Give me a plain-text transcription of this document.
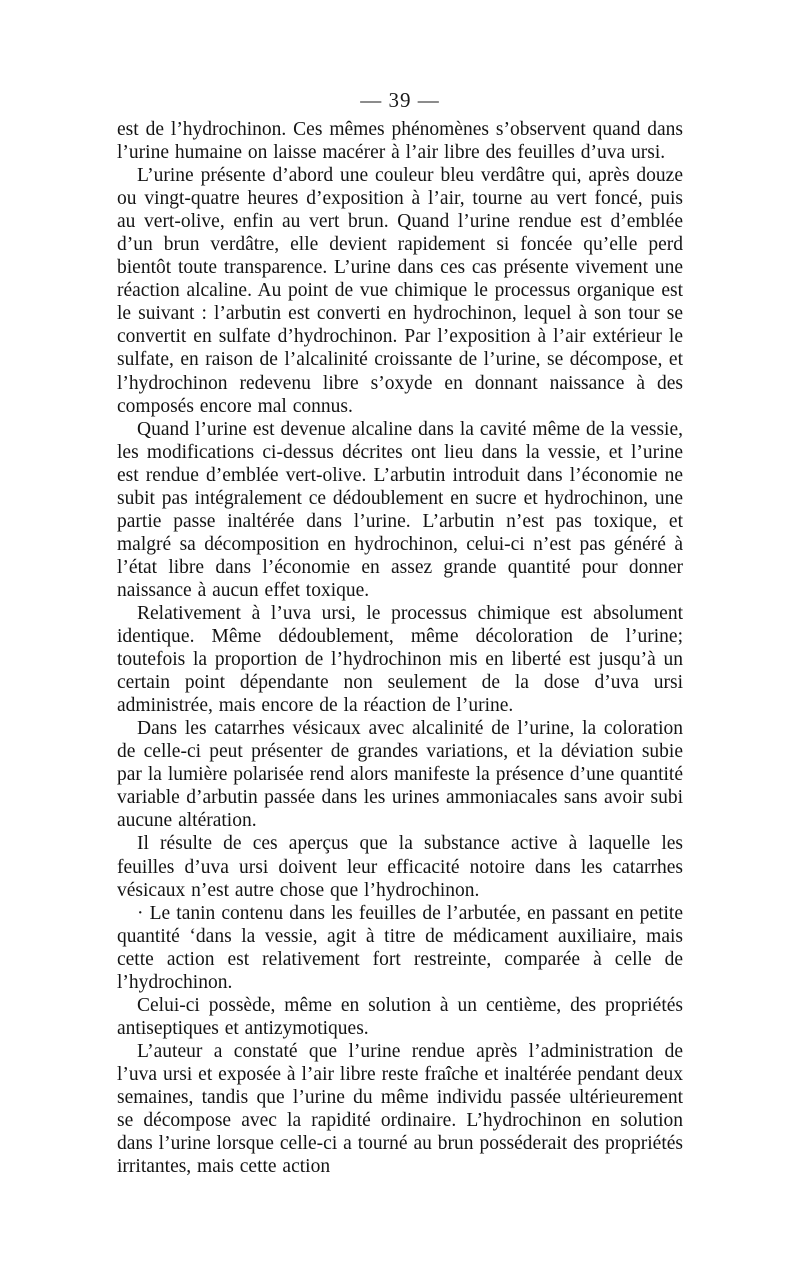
— 39 —

est de l’hydrochinon. Ces mêmes phénomènes s’observent quand dans l’urine humaine on laisse macérer à l’air libre des feuilles d’uva ursi.

L’urine présente d’abord une couleur bleu verdâtre qui, après douze ou vingt-quatre heures d’exposition à l’air, tourne au vert foncé, puis au vert-olive, enfin au vert brun. Quand l’urine rendue est d’emblée d’un brun verdâtre, elle devient rapidement si foncée qu’elle perd bientôt toute transparence. L’urine dans ces cas présente vivement une réaction alcaline. Au point de vue chimique le processus organique est le suivant : l’arbutin est converti en hydrochinon, lequel à son tour se convertit en sulfate d’hydrochinon. Par l’exposition à l’air extérieur le sulfate, en raison de l’alcalinité croissante de l’urine, se décompose, et l’hydrochinon redevenu libre s’oxyde en donnant naissance à des composés encore mal connus.

Quand l’urine est devenue alcaline dans la cavité même de la vessie, les modifications ci-dessus décrites ont lieu dans la vessie, et l’urine est rendue d’emblée vert-olive. L’arbutin introduit dans l’économie ne subit pas intégralement ce dédoublement en sucre et hydrochinon, une partie passe inaltérée dans l’urine. L’arbutin n’est pas toxique, et malgré sa décomposition en hydrochinon, celui-ci n’est pas généré à l’état libre dans l’économie en assez grande quantité pour donner naissance à aucun effet toxique.

Relativement à l’uva ursi, le processus chimique est absolument identique. Même dédoublement, même décoloration de l’urine; toutefois la proportion de l’hydrochinon mis en liberté est jusqu’à un certain point dépendante non seulement de la dose d’uva ursi administrée, mais encore de la réaction de l’urine.

Dans les catarrhes vésicaux avec alcalinité de l’urine, la coloration de celle-ci peut présenter de grandes variations, et la déviation subie par la lumière polarisée rend alors manifeste la présence d’une quantité variable d’arbutin passée dans les urines ammoniacales sans avoir subi aucune altération.

Il résulte de ces aperçus que la substance active à laquelle les feuilles d’uva ursi doivent leur efficacité notoire dans les catarrhes vésicaux n’est autre chose que l’hydrochinon.

· Le tanin contenu dans les feuilles de l’arbutée, en passant en petite quantité ‘dans la vessie, agit à titre de médicament auxiliaire, mais cette action est relativement fort restreinte, comparée à celle de l’hydrochinon.

Celui-ci possède, même en solution à un centième, des propriétés antiseptiques et antizymotiques.

L’auteur a constaté que l’urine rendue après l’administration de l’uva ursi et exposée à l’air libre reste fraîche et inaltérée pendant deux semaines, tandis que l’urine du même individu passée ultérieurement se décompose avec la rapidité ordinaire. L’hydrochinon en solution dans l’urine lorsque celle-ci a tourné au brun posséderait des propriétés irritantes, mais cette action
